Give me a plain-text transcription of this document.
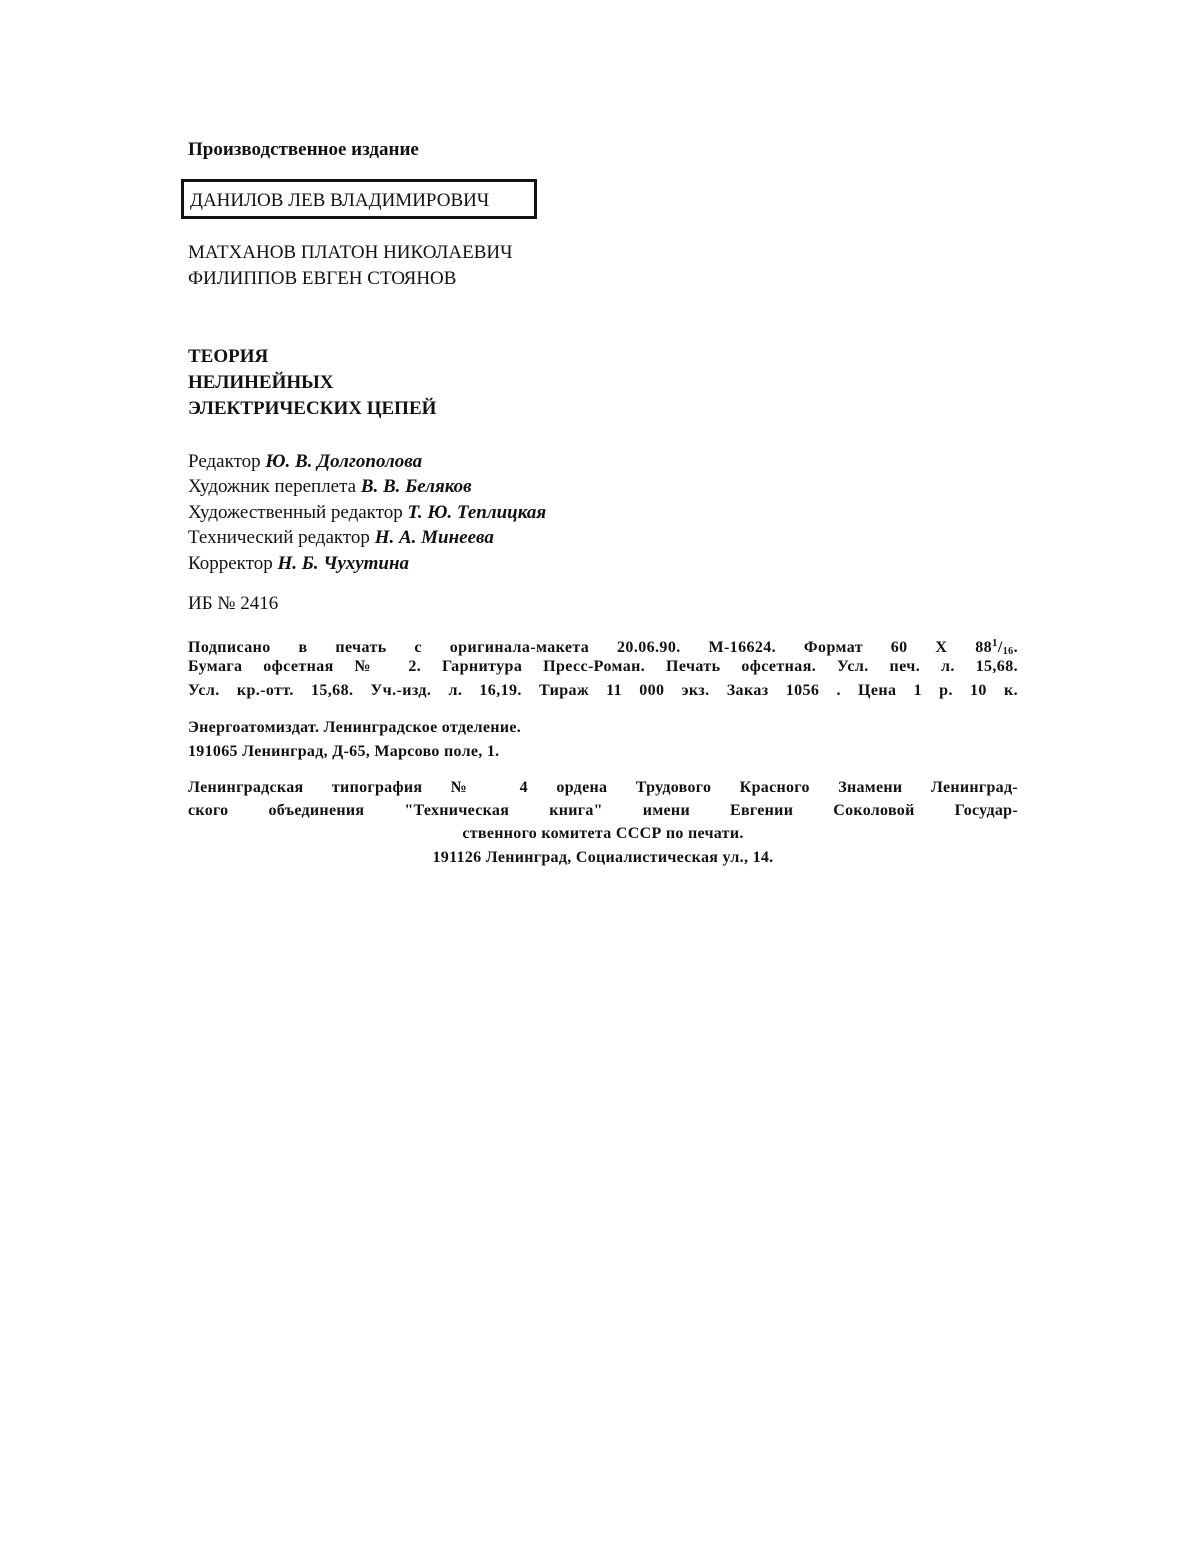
Производственное издание
ДАНИЛОВ ЛЕВ ВЛАДИМИРОВИЧ
МАТХАНОВ ПЛАТОН НИКОЛАЕВИЧ
ФИЛИППОВ ЕВГЕН СТОЯНОВ
ТЕОРИЯ
НЕЛИНЕЙНЫХ
ЭЛЕКТРИЧЕСКИХ ЦЕПЕЙ
Редактор Ю. В. Долгополова
Художник переплета В. В. Беляков
Художественный редактор Т. Ю. Теплицкая
Технический редактор Н. А. Минеева
Корректор Н. Б. Чухутина
ИБ № 2416
Подписано в печать с оригинала-макета 20.06.90. М-16624. Формат 60 Х $88^1/_{16}$.
Бумага офсетная № 2. Гарнитура Пресс-Роман. Печать офсетная. Усл. печ. л. 15,68.
Усл. кр.-отт. 15,68. Уч.-изд. л. 16,19. Тираж 11 000 экз. Заказ 1056 . Цена 1 р. 10 к.
Энергоатомиздат. Ленинградское отделение.
191065 Ленинград, Д-65, Марсово поле, 1.
Ленинградская типография № 4 ордена Трудового Красного Знамени Ленинград-
ского объединения "Техническая книга" имени Евгении Соколовой Государ-
ственного комитета СССР по печати.
191126 Ленинград, Социалистическая ул., 14.
